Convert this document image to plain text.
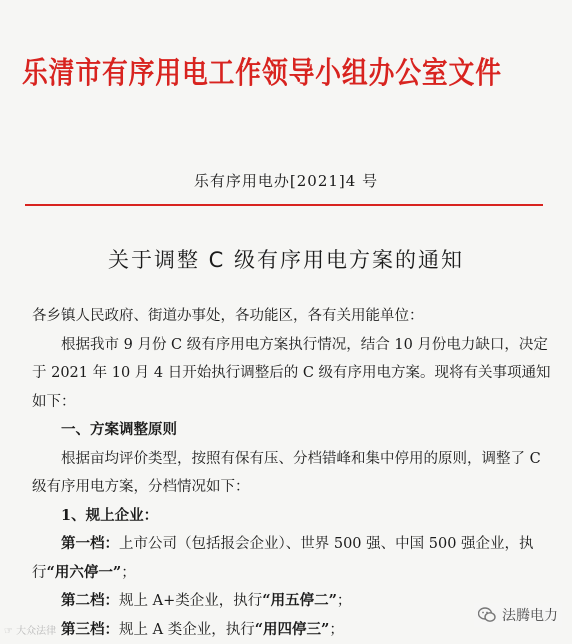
乐清市有序用电工作领导小组办公室文件
乐有序用电办[2021]4 号
关于调整 C 级有序用电方案的通知

各乡镇人民政府、街道办事处，各功能区，各有关用能单位：

根据我市 9 月份 C 级有序用电方案执行情况，结合 10 月份电力缺口，决定于 2021 年 10 月 4 日开始执行调整后的 C 级有序用电方案。现将有关事项通知如下：

一、方案调整原则

根据亩均评价类型，按照有保有压、分档错峰和集中停用的原则，调整了 C 级有序用电方案，分档情况如下：

1、规上企业：

第一档：上市公司（包括报会企业）、世界 500 强、中国 500 强企业，执行“用六停一”；

第二档：规上 A+类企业，执行“用五停二”；

第三档：规上 A 类企业，执行“用四停三”；

☞ 大众法律
法腾电力
